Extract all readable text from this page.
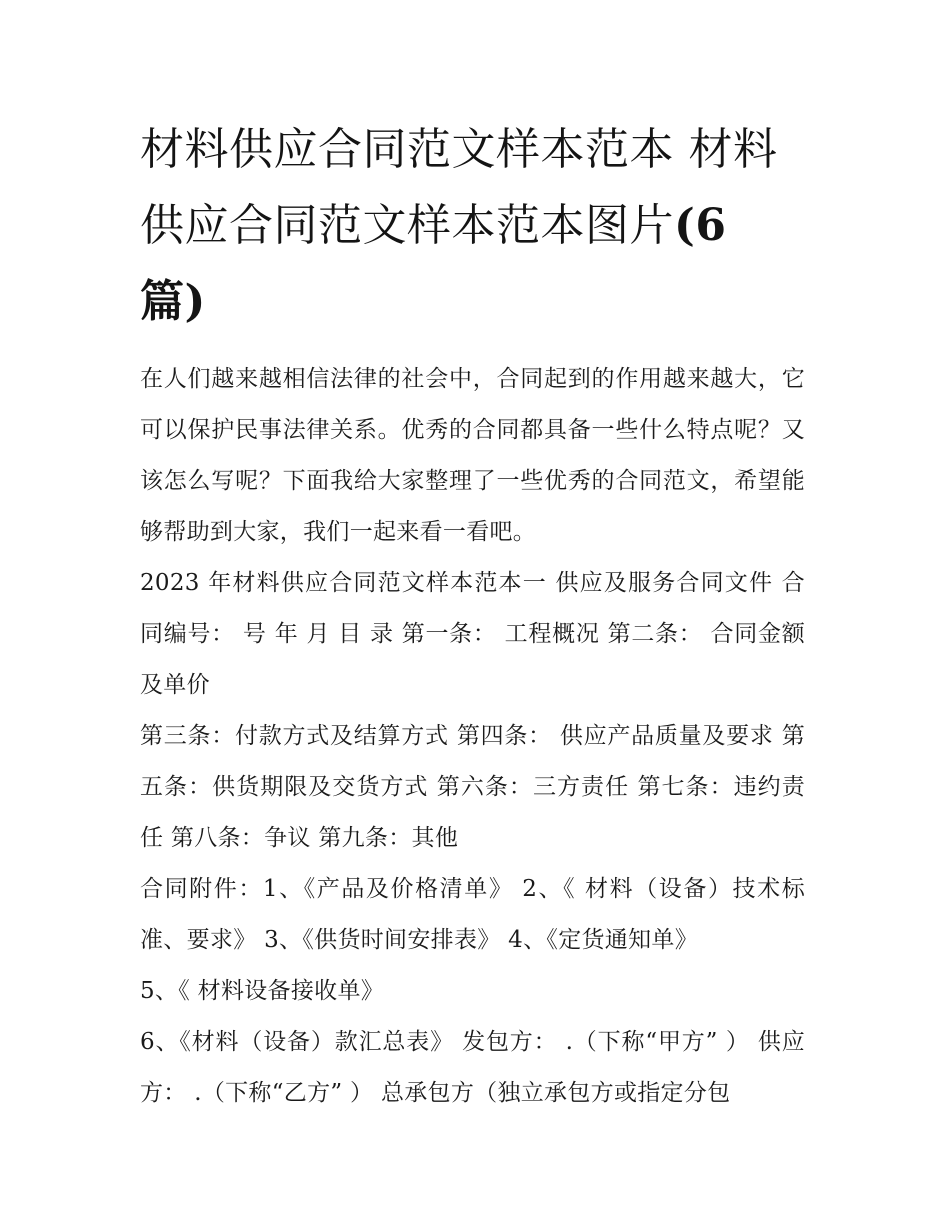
材料供应合同范文样本范本 材料供应合同范文样本范本图片(6 篇)

在人们越来越相信法律的社会中，合同起到的作用越来越大，它可以保护民事法律关系。优秀的合同都具备一些什么特点呢？又该怎么写呢？下面我给大家整理了一些优秀的合同范文，希望能够帮助到大家，我们一起来看一看吧。

2023 年材料供应合同范文样本范本一 供应及服务合同文件 合同编号： 号 年 月 目 录 第一条： 工程概况 第二条： 合同金额及单价

第三条：付款方式及结算方式 第四条： 供应产品质量及要求 第五条：供货期限及交货方式 第六条：三方责任 第七条：违约责任 第八条：争议 第九条：其他

合同附件：1、《产品及价格清单》 2、《 材料（设备）技术标准、要求》 3、《供货时间安排表》 4、《定货通知单》

5、《 材料设备接收单》

6、《材料（设备）款汇总表》 发包方： .（下称“甲方” ） 供应方： .（下称“乙方” ） 总承包方（独立承包方或指定分包
